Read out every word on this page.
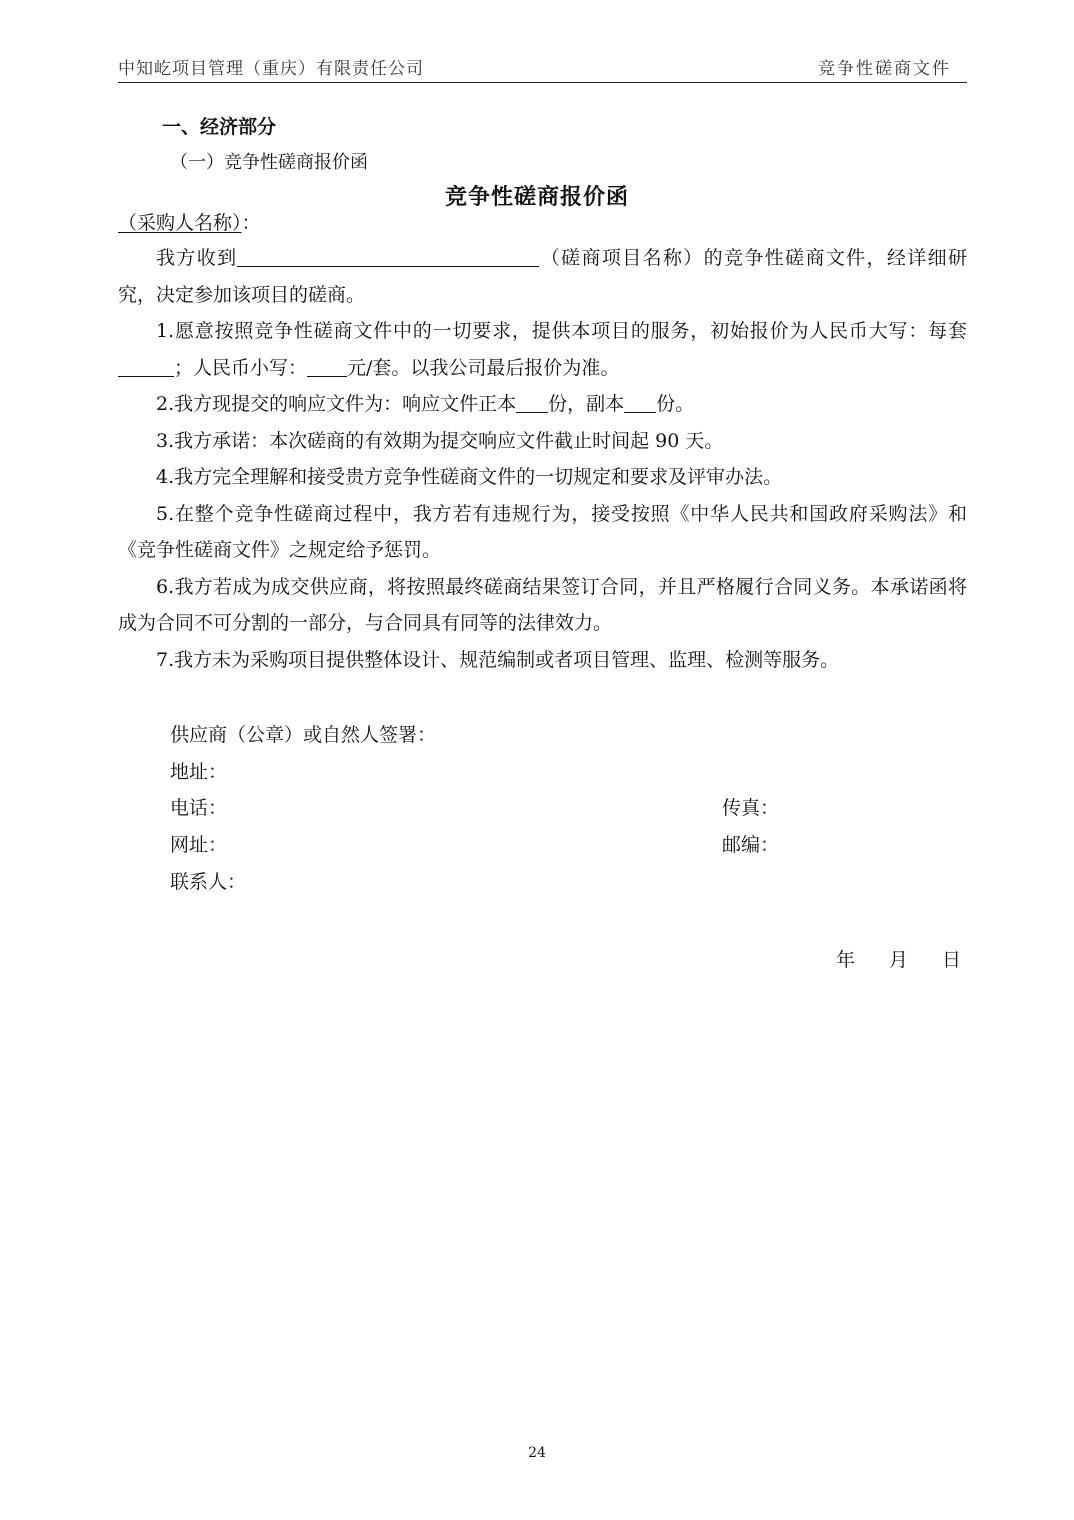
中知屹项目管理（重庆）有限责任公司	竞争性磋商文件
一、经济部分
（一）竞争性磋商报价函
竞争性磋商报价函
（采购人名称）：

我方收到	（磋商项目名称）的竞争性磋商文件，经详细研究，决定参加该项目的磋商。

1.愿意按照竞争性磋商文件中的一切要求，提供本项目的服务，初始报价为人民币大写：每套；人民币小写： 元/套。以我公司最后报价为准。

2.我方现提交的响应文件为：响应文件正本 份，副本 份。

3.我方承诺：本次磋商的有效期为提交响应文件截止时间起 90 天。

4.我方完全理解和接受贵方竞争性磋商文件的一切规定和要求及评审办法。

5.在整个竞争性磋商过程中，我方若有违规行为，接受按照《中华人民共和国政府采购法》和《竞争性磋商文件》之规定给予惩罚。

6.我方若成为成交供应商，将按照最终磋商结果签订合同，并且严格履行合同义务。本承诺函将成为合同不可分割的一部分，与合同具有同等的法律效力。

7.我方未为采购项目提供整体设计、规范编制或者项目管理、监理、检测等服务。

供应商（公章）或自然人签署：
地址：
电话：	传真：
网址：	邮编：
联系人：
年 月 日
24
